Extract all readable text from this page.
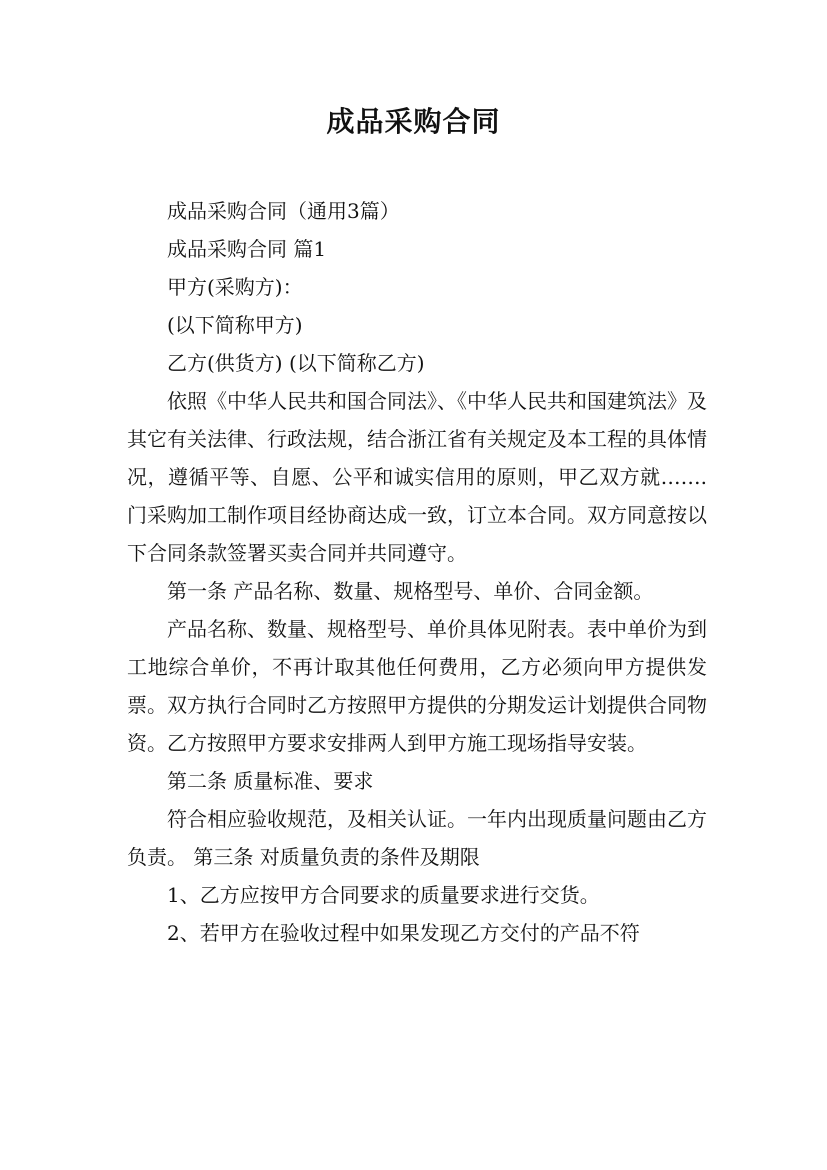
成品采购合同

成品采购合同（通用3篇）

成品采购合同 篇1

甲方(采购方)：

(以下简称甲方)

乙方(供货方) (以下简称乙方)

依照《中华人民共和国合同法》、《中华人民共和国建筑法》及其它有关法律、行政法规，结合浙江省有关规定及本工程的具体情况，遵循平等、自愿、公平和诚实信用的原则，甲乙双方就…….门采购加工制作项目经协商达成一致，订立本合同。双方同意按以下合同条款签署买卖合同并共同遵守。

第一条 产品名称、数量、规格型号、单价、合同金额。

产品名称、数量、规格型号、单价具体见附表。表中单价为到工地综合单价，不再计取其他任何费用，乙方必须向甲方提供发票。双方执行合同时乙方按照甲方提供的分期发运计划提供合同物资。乙方按照甲方要求安排两人到甲方施工现场指导安装。

第二条 质量标准、要求

符合相应验收规范，及相关认证。一年内出现质量问题由乙方负责。 第三条 对质量负责的条件及期限

1、乙方应按甲方合同要求的质量要求进行交货。

2、若甲方在验收过程中如果发现乙方交付的产品不符
